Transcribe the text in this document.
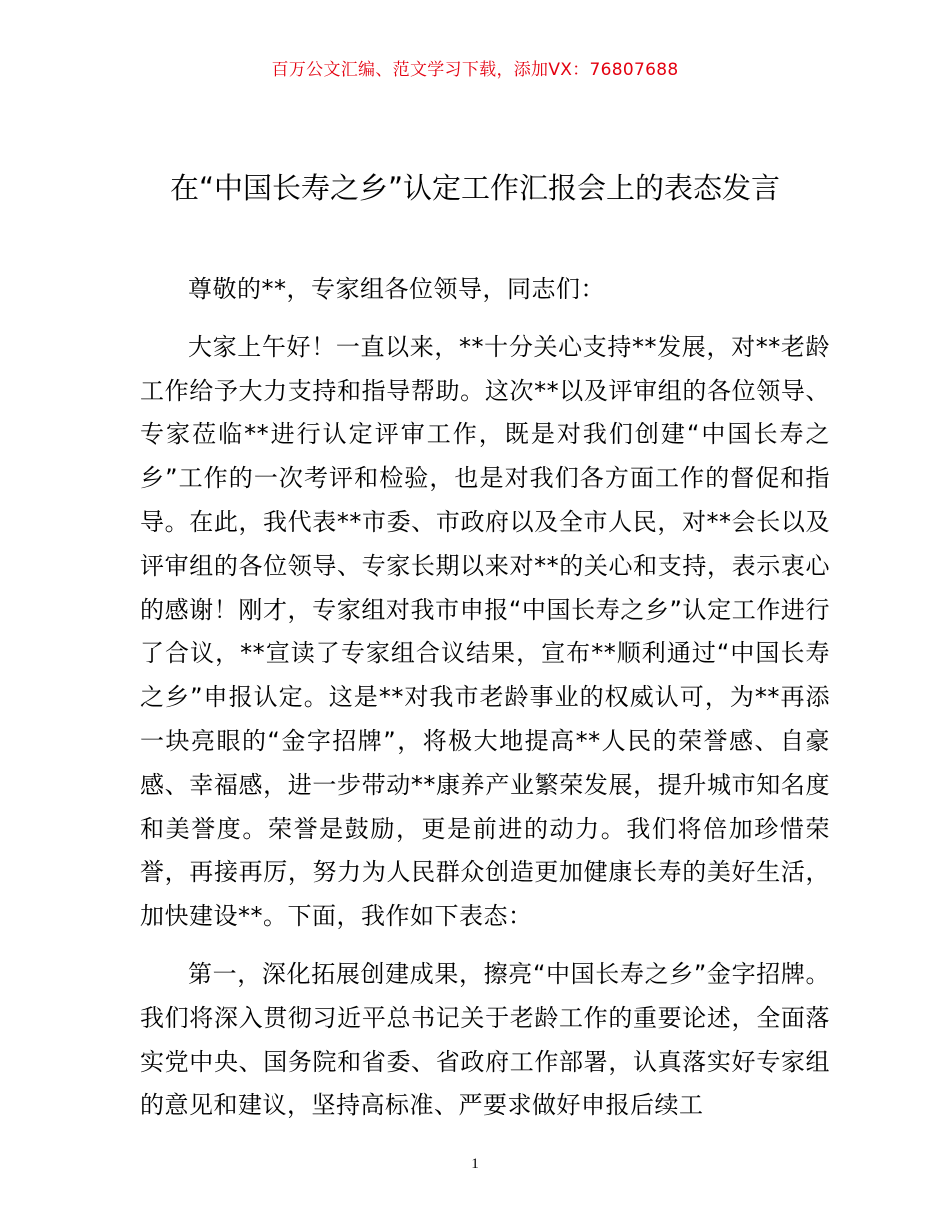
百万公文汇编、范文学习下载，添加VX：76807688
在“中国长寿之乡”认定工作汇报会上的表态发言

尊敬的**，专家组各位领导，同志们：

大家上午好！一直以来，**十分关心支持**发展，对**老龄工作给予大力支持和指导帮助。这次**以及评审组的各位领导、专家莅临**进行认定评审工作，既是对我们创建“中国长寿之乡”工作的一次考评和检验，也是对我们各方面工作的督促和指导。在此，我代表**市委、市政府以及全市人民，对**会长以及评审组的各位领导、专家长期以来对**的关心和支持，表示衷心的感谢！刚才，专家组对我市申报“中国长寿之乡”认定工作进行了合议，**宣读了专家组合议结果，宣布**顺利通过“中国长寿之乡”申报认定。这是**对我市老龄事业的权威认可，为**再添一块亮眼的“金字招牌”，将极大地提高**人民的荣誉感、自豪感、幸福感，进一步带动**康养产业繁荣发展，提升城市知名度和美誉度。荣誉是鼓励，更是前进的动力。我们将倍加珍惜荣誉，再接再厉，努力为人民群众创造更加健康长寿的美好生活，加快建设**。下面，我作如下表态：

第一，深化拓展创建成果，擦亮“中国长寿之乡”金字招牌。我们将深入贯彻习近平总书记关于老龄工作的重要论述，全面落实党中央、国务院和省委、省政府工作部署，认真落实好专家组的意见和建议，坚持高标准、严要求做好申报后续工

1
